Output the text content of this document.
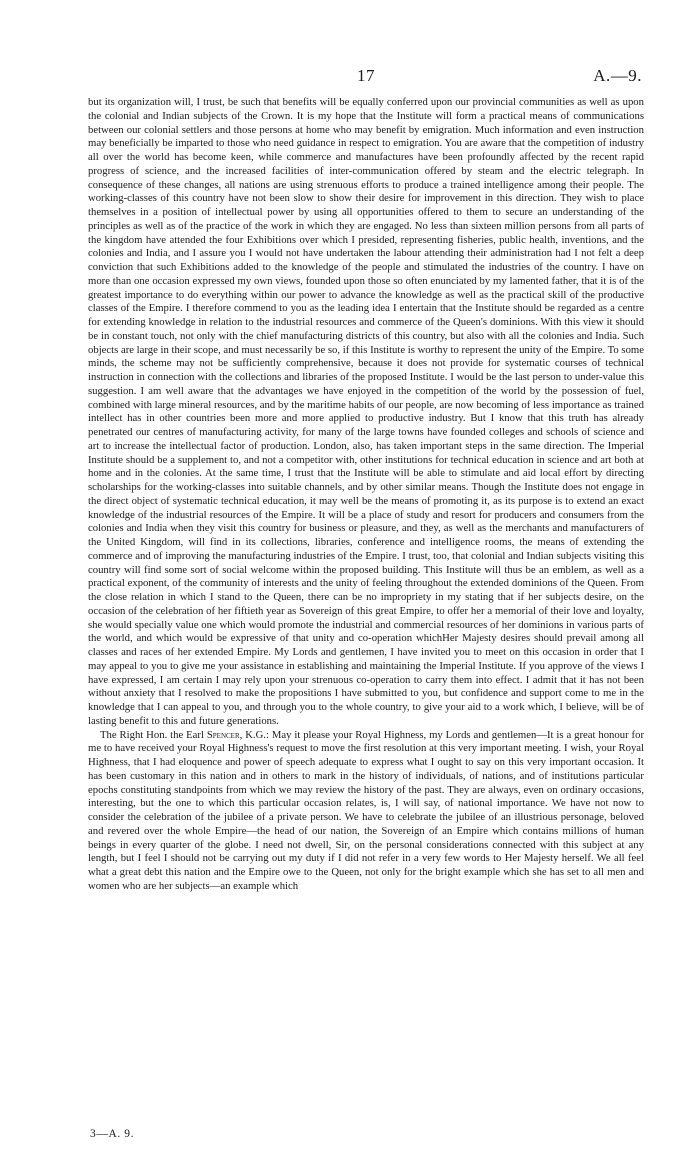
17	A.—9.

but its organization will, I trust, be such that benefits will be equally conferred upon our provincial communities as well as upon the colonial and Indian subjects of the Crown. It is my hope that the Institute will form a practical means of communications between our colonial settlers and those persons at home who may benefit by emigration. Much information and even instruction may beneficially be imparted to those who need guidance in respect to emigration. You are aware that the competition of industry all over the world has become keen, while commerce and manufactures have been profoundly affected by the recent rapid progress of science, and the increased facilities of inter-communication offered by steam and the electric telegraph. In consequence of these changes, all nations are using strenuous efforts to produce a trained intelligence among their people. The working-classes of this country have not been slow to show their desire for improvement in this direction. They wish to place themselves in a position of intellectual power by using all opportunities offered to them to secure an understanding of the principles as well as of the practice of the work in which they are engaged. No less than sixteen million persons from all parts of the kingdom have attended the four Exhibitions over which I presided, representing fisheries, public health, inventions, and the colonies and India, and I assure you I would not have undertaken the labour attending their administration had I not felt a deep conviction that such Exhibitions added to the knowledge of the people and stimulated the industries of the country. I have on more than one occasion expressed my own views, founded upon those so often enunciated by my lamented father, that it is of the greatest importance to do everything within our power to advance the knowledge as well as the practical skill of the productive classes of the Empire. I therefore commend to you as the leading idea I entertain that the Institute should be regarded as a centre for extending knowledge in relation to the industrial resources and commerce of the Queen's dominions. With this view it should be in constant touch, not only with the chief manufacturing districts of this country, but also with all the colonies and India. Such objects are large in their scope, and must necessarily be so, if this Institute is worthy to represent the unity of the Empire. To some minds, the scheme may not be sufficiently comprehensive, because it does not provide for systematic courses of technical instruction in connection with the collections and libraries of the proposed Institute. I would be the last person to under-value this suggestion. I am well aware that the advantages we have enjoyed in the competition of the world by the possession of fuel, combined with large mineral resources, and by the maritime habits of our people, are now becoming of less importance as trained intellect has in other countries been more and more applied to productive industry. But I know that this truth has already penetrated our centres of manufacturing activity, for many of the large towns have founded colleges and schools of science and art to increase the intellectual factor of production. London, also, has taken important steps in the same direction. The Imperial Institute should be a supplement to, and not a competitor with, other institutions for technical education in science and art both at home and in the colonies. At the same time, I trust that the Institute will be able to stimulate and aid local effort by directing scholarships for the working-classes into suitable channels, and by other similar means. Though the Institute does not engage in the direct object of systematic technical education, it may well be the means of promoting it, as its purpose is to extend an exact knowledge of the industrial resources of the Empire. It will be a place of study and resort for producers and consumers from the colonies and India when they visit this country for business or pleasure, and they, as well as the merchants and manufacturers of the United Kingdom, will find in its collections, libraries, conference and intelligence rooms, the means of extending the commerce and of improving the manufacturing industries of the Empire. I trust, too, that colonial and Indian subjects visiting this country will find some sort of social welcome within the proposed building. This Institute will thus be an emblem, as well as a practical exponent, of the community of interests and the unity of feeling throughout the extended dominions of the Queen. From the close relation in which I stand to the Queen, there can be no impropriety in my stating that if her subjects desire, on the occasion of the celebration of her fiftieth year as Sovereign of this great Empire, to offer her a memorial of their love and loyalty, she would specially value one which would promote the industrial and commercial resources of her dominions in various parts of the world, and which would be expressive of that unity and co-operation whichHer Majesty desires should prevail among all classes and races of her extended Empire. My Lords and gentlemen, I have invited you to meet on this occasion in order that I may appeal to you to give me your assistance in establishing and maintaining the Imperial Institute. If you approve of the views I have expressed, I am certain I may rely upon your strenuous co-operation to carry them into effect. I admit that it has not been without anxiety that I resolved to make the propositions I have submitted to you, but confidence and support come to me in the knowledge that I can appeal to you, and through you to the whole country, to give your aid to a work which, I believe, will be of lasting benefit to this and future generations.

The Right Hon. the Earl Spencer, K.G.: May it please your Royal Highness, my Lords and gentlemen—It is a great honour for me to have received your Royal Highness's request to move the first resolution at this very important meeting. I wish, your Royal Highness, that I had eloquence and power of speech adequate to express what I ought to say on this very important occasion. It has been customary in this nation and in others to mark in the history of individuals, of nations, and of institutions particular epochs constituting standpoints from which we may review the history of the past. They are always, even on ordinary occasions, interesting, but the one to which this particular occasion relates, is, I will say, of national importance. We have not now to consider the celebration of the jubilee of a private person. We have to celebrate the jubilee of an illustrious personage, beloved and revered over the whole Empire—the head of our nation, the Sovereign of an Empire which contains millions of human beings in every quarter of the globe. I need not dwell, Sir, on the personal considerations connected with this subject at any length, but I feel I should not be carrying out my duty if I did not refer in a very few words to Her Majesty herself. We all feel what a great debt this nation and the Empire owe to the Queen, not only for the bright example which she has set to all men and women who are her subjects—an example which

3—A. 9.
